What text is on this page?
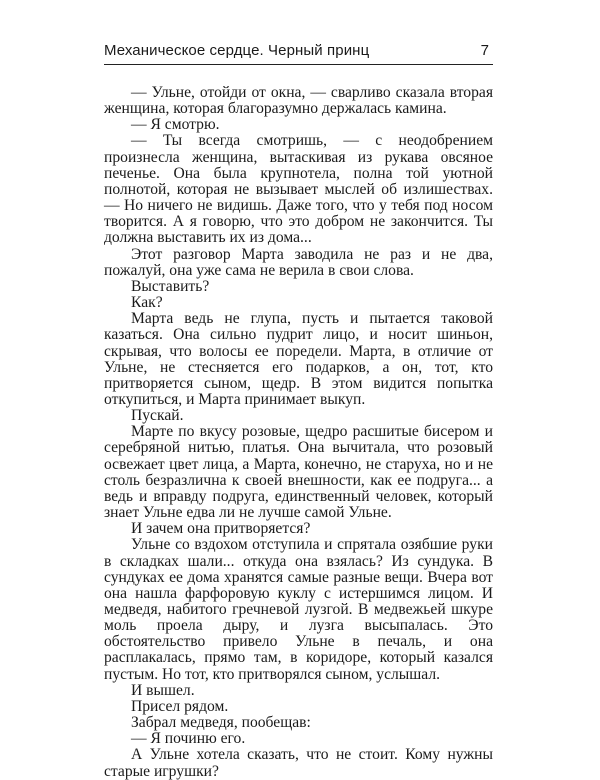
Механическое сердце. Черный принц	7

— Ульне, отойди от окна, — сварливо сказала вторая женщина, которая благоразумно держалась камина.

— Я смотрю.

— Ты всегда смотришь, — с неодобрением произнесла женщина, вытаскивая из рукава овсяное печенье. Она была крупнотела, полна той уютной полнотой, которая не вызывает мыслей об излишествах. — Но ничего не видишь. Даже того, что у тебя под носом творится. А я говорю, что это добром не закончится. Ты должна выставить их из дома...

Этот разговор Марта заводила не раз и не два, пожалуй, она уже сама не верила в свои слова.

Выставить?

Как?

Марта ведь не глупа, пусть и пытается таковой казаться. Она сильно пудрит лицо, и носит шиньон, скрывая, что волосы ее поредели. Марта, в отличие от Ульне, не стесняется его подарков, а он, тот, кто притворяется сыном, щедр. В этом видится попытка откупиться, и Марта принимает выкуп.

Пускай.

Марте по вкусу розовые, щедро расшитые бисером и серебряной нитью, платья. Она вычитала, что розовый освежает цвет лица, а Марта, конечно, не старуха, но и не столь безразлична к своей внешности, как ее подруга... а ведь и вправду подруга, единственный человек, который знает Ульне едва ли не лучше самой Ульне.

И зачем она притворяется?

Ульне со вздохом отступила и спрятала озябшие руки в складках шали... откуда она взялась? Из сундука. В сундуках ее дома хранятся самые разные вещи. Вчера вот она нашла фарфоровую куклу с истершимся лицом. И медведя, набитого гречневой лузгой. В медвежьей шкуре моль проела дыру, и лузга высыпалась. Это обстоятельство привело Ульне в печаль, и она расплакалась, прямо там, в коридоре, который казался пустым. Но тот, кто притворялся сыном, услышал.

И вышел.

Присел рядом.

Забрал медведя, пообещав:

— Я починю его.

А Ульне хотела сказать, что не стоит. Кому нужны старые игрушки?
